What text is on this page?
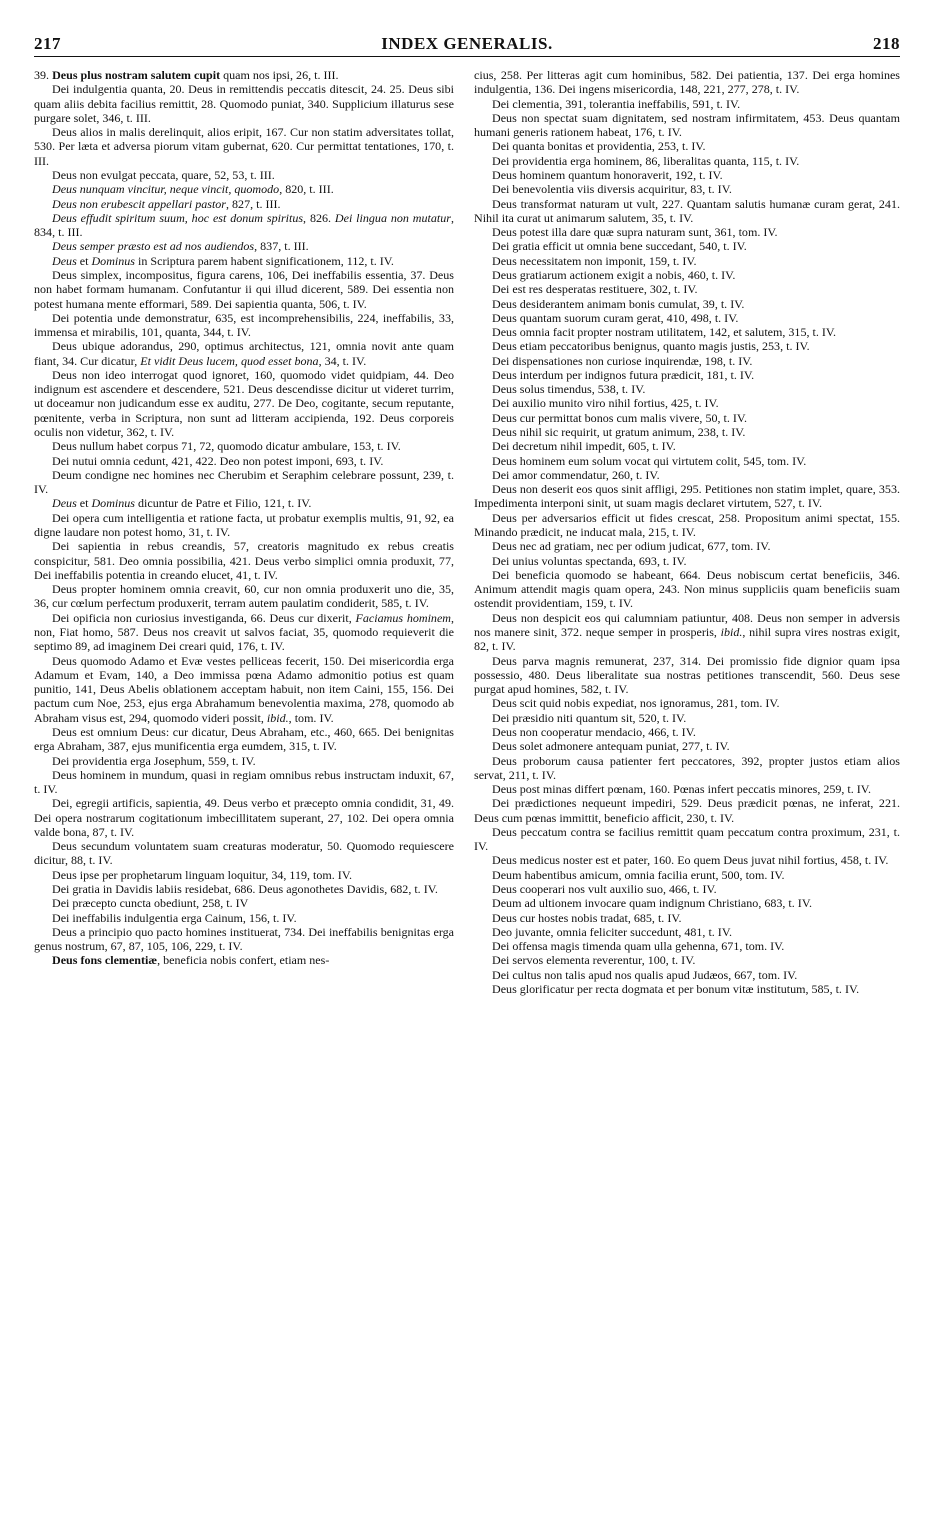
217	INDEX GENERALIS.	218

39. Deus plus nostram salutem cupit quam nos ipsi, 26, t. III.

Dei indulgentia quanta, 20. Deus in remittendis peccatis ditescit, 24. 25. Deus sibi quam aliis debita facilius remittit, 28. Quomodo puniat, 340. Supplicium illaturus sese purgare solet, 346, t. III.

Deus alios in malis derelinquit, alios eripit, 167. Cur non statim adversitates tollat, 530. Per læta et adversa piorum vitam gubernat, 620. Cur permittat tentationes, 170, t. III.

Deus non evulgat peccata, quare, 52, 53, t. III.

Deus nunquam vincitur, neque vincit, quomodo, 820, t. III.

Deus non erubescit appellari pastor, 827, t. III.

Deus effudit spiritum suum, hoc est donum spiritus, 826. Dei lingua non mutatur, 834, t. III.

Deus semper præsto est ad nos audiendos, 837, t. III.

Deus et Dominus in Scriptura parem habent significationem, 112, t. IV.

Deus simplex, incompositus, figura carens, 106, Dei ineffabilis essentia, 37. Deus non habet formam humanam. Confutantur ii qui illud dicerent, 589. Dei essentia non potest humana mente efformari, 589. Dei sapientia quanta, 506, t. IV.

Dei potentia unde demonstratur, 635, est incomprehensibilis, 224, ineffabilis, 33, immensa et mirabilis, 101, quanta, 344, t. IV.

Deus ubique adorandus, 290, optimus architectus, 121, omnia novit ante quam fiant, 34. Cur dicatur, Et vidit Deus lucem, quod esset bona, 34, t. IV.

Deus non ideo interrogat quod ignoret, 160, quomodo videt quidpiam, 44. Deo indignum est ascendere et descendere, 521. Deus descendisse dicitur ut videret turrim, ut doceamur non judicandum esse ex auditu, 277. De Deo, cogitante, secum reputante, pœnitente, verba in Scriptura, non sunt ad litteram accipienda, 192. Deus corporeis oculis non videtur, 362, t. IV.

Deus nullum habet corpus 71, 72, quomodo dicatur ambulare, 153, t. IV.

Dei nutui omnia cedunt, 421, 422. Deo non potest imponi, 693, t. IV.

Deum condigne nec homines nec Cherubim et Seraphim celebrare possunt, 239, t. IV.

Deus et Dominus dicuntur de Patre et Filio, 121, t. IV.

Dei opera cum intelligentia et ratione facta, ut probatur exemplis multis, 91, 92, ea digne laudare non potest homo, 31, t. IV.

Dei sapientia in rebus creandis, 57, creatoris magnitudo ex rebus creatis conspicitur, 581. Deo omnia possibilia, 421. Deus verbo simplici omnia produxit, 77, Dei ineffabilis potentia in creando elucet, 41, t. IV.

Deus propter hominem omnia creavit, 60, cur non omnia produxerit uno die, 35, 36, cur cœlum perfectum produxerit, terram autem paulatim condiderit, 585, t. IV.

Dei opificia non curiosius investiganda, 66. Deus cur dixerit, Faciamus hominem, non, Fiat homo, 587. Deus nos creavit ut salvos faciat, 35, quomodo requieverit die septimo 89, ad imaginem Dei creari quid, 176, t. IV.

Deus quomodo Adamo et Evæ vestes pelliceas fecerit, 150. Dei misericordia erga Adamum et Evam, 140, a Deo immissa pœna Adamo admonitio potius est quam punitio, 141, Deus Abelis oblationem acceptam habuit, non item Caini, 155, 156. Dei pactum cum Noe, 253, ejus erga Abrahamum benevolentia maxima, 278, quomodo ab Abraham visus est, 294, quomodo videri possit, ibid., tom. IV.

Deus est omnium Deus: cur dicatur, Deus Abraham, etc., 460, 665. Dei benignitas erga Abraham, 387, ejus munificentia erga eumdem, 315, t. IV.

Dei providentia erga Josephum, 559, t. IV.

Deus hominem in mundum, quasi in regiam omnibus rebus instructam induxit, 67, t. IV.

Dei, egregii artificis, sapientia, 49. Deus verbo et præcepto omnia condidit, 31, 49. Dei opera nostrarum cogitationum imbecillitatem superant, 27, 102. Dei opera omnia valde bona, 87, t. IV.

Deus secundum voluntatem suam creaturas moderatur, 50. Quomodo requiescere dicitur, 88, t. IV.

Deus ipse per prophetarum linguam loquitur, 34, 119, tom. IV.

Dei gratia in Davidis labiis residebat, 686. Deus agonothetes Davidis, 682, t. IV.

Dei præcepto cuncta obediunt, 258, t. IV

Dei ineffabilis indulgentia erga Cainum, 156, t. IV.

Deus a principio quo pacto homines instituerat, 734. Dei ineffabilis benignitas erga genus nostrum, 67, 87, 105, 106, 229, t. IV.

Deus fons clementiæ, beneficia nobis confert, etiam nes-

cius, 258. Per litteras agit cum hominibus, 582. Dei patientia, 137. Dei erga homines indulgentia, 136. Dei ingens misericordia, 148, 221, 277, 278, t. IV.

Dei clementia, 391, tolerantia ineffabilis, 591, t. IV.

Deus non spectat suam dignitatem, sed nostram infirmitatem, 453. Deus quantam humani generis rationem habeat, 176, t. IV.

Dei quanta bonitas et providentia, 253, t. IV.

Dei providentia erga hominem, 86, liberalitas quanta, 115, t. IV.

Deus hominem quantum honoraverit, 192, t. IV.

Dei benevolentia viis diversis acquiritur, 83, t. IV.

Deus transformat naturam ut vult, 227. Quantam salutis humanæ curam gerat, 241. Nihil ita curat ut animarum salutem, 35, t. IV.

Deus potest illa dare quæ supra naturam sunt, 361, tom. IV.

Dei gratia efficit ut omnia bene succedant, 540, t. IV.

Deus necessitatem non imponit, 159, t. IV.

Deus gratiarum actionem exigit a nobis, 460, t. IV.

Dei est res desperatas restituere, 302, t. IV.

Deus desiderantem animam bonis cumulat, 39, t. IV.

Deus quantam suorum curam gerat, 410, 498, t. IV.

Deus omnia facit propter nostram utilitatem, 142, et salutem, 315, t. IV.

Deus etiam peccatoribus benignus, quanto magis justis, 253, t. IV.

Dei dispensationes non curiose inquirendæ, 198, t. IV.

Deus interdum per indignos futura prædicit, 181, t. IV.

Deus solus timendus, 538, t. IV.

Dei auxilio munito viro nihil fortius, 425, t. IV.

Deus cur permittat bonos cum malis vivere, 50, t. IV.

Deus nihil sic requirit, ut gratum animum, 238, t. IV.

Dei decretum nihil impedit, 605, t. IV.

Deus hominem eum solum vocat qui virtutem colit, 545, tom. IV.

Dei amor commendatur, 260, t. IV.

Deus non deserit eos quos sinit affligi, 295. Petitiones non statim implet, quare, 353. Impedimenta interponi sinit, ut suam magis declaret virtutem, 527, t. IV.

Deus per adversarios efficit ut fides crescat, 258. Propositum animi spectat, 155. Minando prædicit, ne inducat mala, 215, t. IV.

Deus nec ad gratiam, nec per odium judicat, 677, tom. IV.

Dei unius voluntas spectanda, 693, t. IV.

Dei beneficia quomodo se habeant, 664. Deus nobiscum certat beneficiis, 346. Animum attendit magis quam opera, 243. Non minus suppliciis quam beneficiis suam ostendit providentiam, 159, t. IV.

Deus non despicit eos qui calumniam patiuntur, 408. Deus non semper in adversis nos manere sinit, 372. neque semper in prosperis, ibid., nihil supra vires nostras exigit, 82, t. IV.

Deus parva magnis remunerat, 237, 314. Dei promissio fide dignior quam ipsa possessio, 480. Deus liberalitate sua nostras petitiones transcendit, 560. Deus sese purgat apud homines, 582, t. IV.

Deus scit quid nobis expediat, nos ignoramus, 281, tom. IV.

Dei præsidio niti quantum sit, 520, t. IV.

Deus non cooperatur mendacio, 466, t. IV.

Deus solet admonere antequam puniat, 277, t. IV.

Deus proborum causa patienter fert peccatores, 392, propter justos etiam alios servat, 211, t. IV.

Deus post minas differt pœnam, 160. Pœnas infert peccatis minores, 259, t. IV.

Dei prædictiones nequeunt impediri, 529. Deus prædicit pœnas, ne inferat, 221. Deus cum pœnas immittit, beneficio afficit, 230, t. IV.

Deus peccatum contra se facilius remittit quam peccatum contra proximum, 231, t. IV.

Deus medicus noster est et pater, 160. Eo quem Deus juvat nihil fortius, 458, t. IV.

Deum habentibus amicum, omnia facilia erunt, 500, tom. IV.

Deus cooperari nos vult auxilio suo, 466, t. IV.

Deum ad ultionem invocare quam indignum Christiano, 683, t. IV.

Deus cur hostes nobis tradat, 685, t. IV.

Deo juvante, omnia feliciter succedunt, 481, t. IV.

Dei offensa magis timenda quam ulla gehenna, 671, tom. IV.

Dei servos elementa reverentur, 100, t. IV.

Dei cultus non talis apud nos qualis apud Judæos, 667, tom. IV.

Deus glorificatur per recta dogmata et per bonum vitæ institutum, 585, t. IV.
